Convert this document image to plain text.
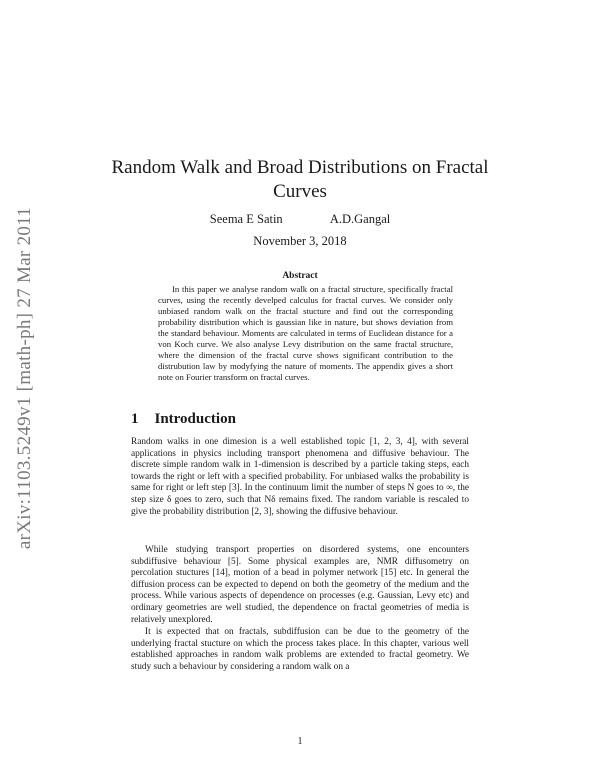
arXiv:1103.5249v1 [math-ph] 27 Mar 2011
Random Walk and Broad Distributions on Fractal Curves
Seema E Satin	A.D.Gangal
November 3, 2018
Abstract

In this paper we analyse random walk on a fractal structure, specifically fractal curves, using the recently develped calculus for fractal curves. We consider only unbiased random walk on the fractal stucture and find out the corresponding probability distribution which is gaussian like in nature, but shows deviation from the standard behaviour. Moments are calculated in terms of Euclidean distance for a von Koch curve. We also analyse Levy distribution on the same fractal structure, where the dimension of the fractal curve shows significant contribution to the distrubution law by modyfying the nature of moments. The appendix gives a short note on Fourier transform on fractal curves.

1 Introduction

Random walks in one dimesion is a well established topic [1, 2, 3, 4], with several applications in physics including transport phenomena and diffusive behaviour. The discrete simple random walk in 1-dimension is described by a particle taking steps, each towards the right or left with a specified probability. For unbiased walks the probability is same for right or left step [3]. In the continuum limit the number of steps N goes to ∞, the step size δ goes to zero, such that Nδ remains fixed. The random variable is rescaled to give the probability distribution [2, 3], showing the diffusive behaviour.

While studying transport properties on disordered systems, one encounters subdiffusive behaviour [5]. Some physical examples are, NMR diffusometry on percolation stuctures [14], motion of a bead in polymer network [15] etc. In general the diffusion process can be expected to depend on both the geometry of the medium and the process. While various aspects of dependence on processes (e.g. Gaussian, Levy etc) and ordinary geometries are well studied, the dependence on fractal geometries of media is relatively unexplored.

It is expected that on fractals, subdiffusion can be due to the geometry of the underlying fractal stucture on which the process takes place. In this chapter, various well established approaches in random walk problems are extended to fractal geometry. We study such a behaviour by considering a random walk on a

1
